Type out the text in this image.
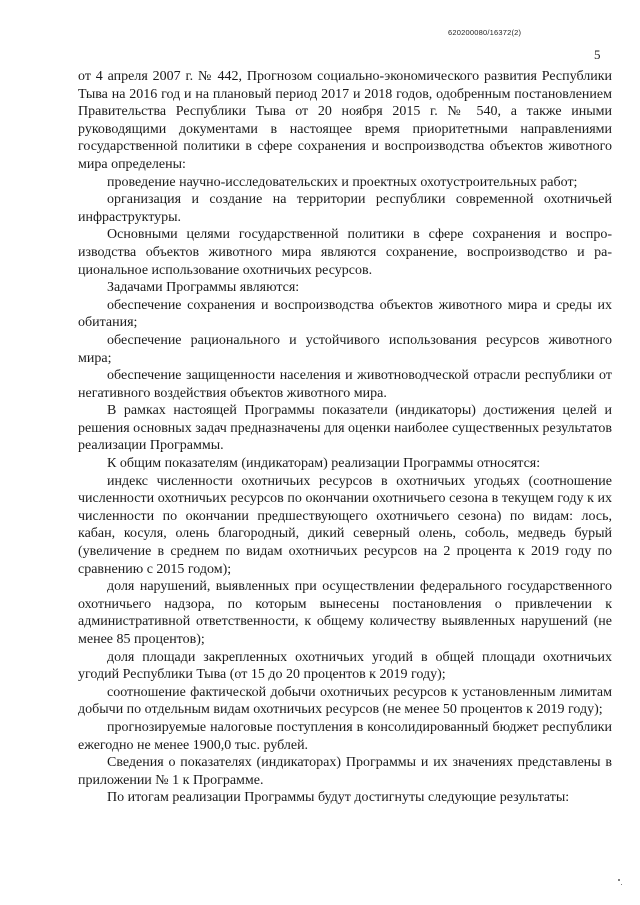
620200080/16372(2)
5

от 4 апреля 2007 г. № 442, Прогнозом социально-экономического развития Республики Тыва на 2016 год и на плановый период 2017 и 2018 годов, одобренным постановлением Правительства Республики Тыва от 20 ноября 2015 г. № 540, а также иными руководящими документами в настоящее время приоритетными направлениями государственной политики в сфере сохранения и воспроизводства объектов животного мира определены:

проведение научно-исследовательских и проектных охотустроительных работ;

организация и создание на территории республики современной охотничьей инфраструктуры.

Основными целями государственной политики в сфере сохранения и воспроизводства объектов животного мира являются сохранение, воспроизводство и рациональное использование охотничьих ресурсов.

Задачами Программы являются:

обеспечение сохранения и воспроизводства объектов животного мира и среды их обитания;

обеспечение рационального и устойчивого использования ресурсов животного мира;

обеспечение защищенности населения и животноводческой отрасли республики от негативного воздействия объектов животного мира.

В рамках настоящей Программы показатели (индикаторы) достижения целей и решения основных задач предназначены для оценки наиболее существенных результатов реализации Программы.

К общим показателям (индикаторам) реализации Программы относятся:

индекс численности охотничьих ресурсов в охотничьих угодьях (соотношение численности охотничьих ресурсов по окончании охотничьего сезона в текущем году к их численности по окончании предшествующего охотничьего сезона) по видам: лось, кабан, косуля, олень благородный, дикий северный олень, соболь, медведь бурый (увеличение в среднем по видам охотничьих ресурсов на 2 процента к 2019 году по сравнению с 2015 годом);

доля нарушений, выявленных при осуществлении федерального государственного охотничьего надзора, по которым вынесены постановления о привлечении к административной ответственности, к общему количеству выявленных нарушений (не менее 85 процентов);

доля площади закрепленных охотничьих угодий в общей площади охотничьих угодий Республики Тыва (от 15 до 20 процентов к 2019 году);

соотношение фактической добычи охотничьих ресурсов к установленным лимитам добычи по отдельным видам охотничьих ресурсов (не менее 50 процентов к 2019 году);

прогнозируемые налоговые поступления в консолидированный бюджет республики ежегодно не менее 1900,0 тыс. рублей.

Сведения о показателях (индикаторах) Программы и их значениях представлены в приложении № 1 к Программе.

По итогам реализации Программы будут достигнуты следующие результаты:
